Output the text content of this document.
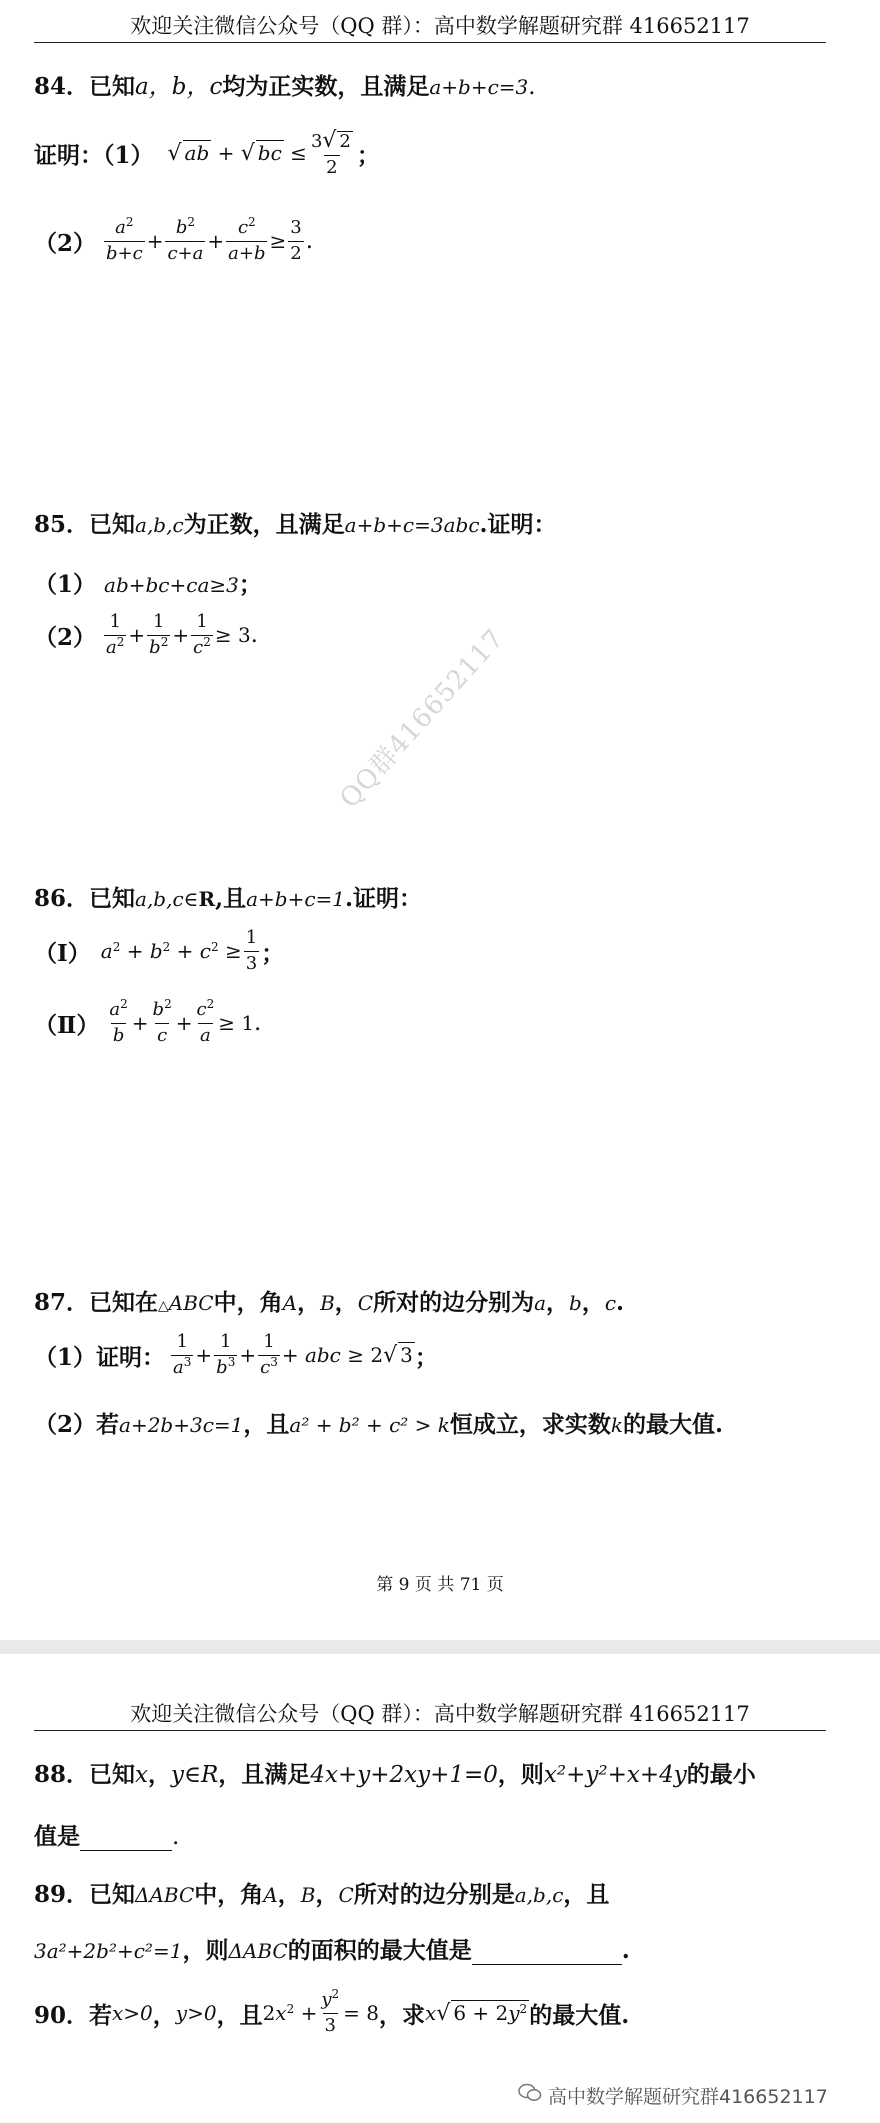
欢迎关注微信公众号（QQ 群）：高中数学解题研究群 416652117
84．已知a，b，c均为正实数，且满足a+b+c=3.
证明：（1） √ ab + √ bc ≤ $\frac{3√ 2}{2}$ ；
$(2) \frac{a^2}{b+c} + \frac{b^2}{c+a} + \frac{c^2}{a+b} \ge \frac{3}{2}$ .
85．已知a,b,c为正数，且满足a+b+c=3abc.证明：
（1） ab+bc+ca≥3；
$(2) \frac{1}{a^2} + \frac{1}{b^2} + \frac{1}{c^2} \ge 3$ .	QQ群416652117
86．已知a,b,c∈R,且a+b+c=1.证明：
（Ⅰ） $a^2 + b^2 + c^2 \ge \frac{1}{3}$ ；
（Ⅱ） $\frac{a^2}{b} + \frac{b^2}{c} + \frac{c^2}{a} \ge 1$ .
87．已知在△ABC中，角A，B，C所对的边分别为a，b，c.
（1）证明： $\frac{1}{a^3} + \frac{1}{b^3} + \frac{1}{c^3}$ + abc ≥ 2√ 3 ；
（2）若a+2b+3c=1，且a² + b² + c² > k恒成立，求实数k的最大值.
第 9 页 共 71 页
欢迎关注微信公众号（QQ 群）：高中数学解题研究群 416652117
88．已知x，y∈R，且满足4x+y+2xy+1=0，则x²+y²+x+4y的最小
值是	.
89．已知ΔABC中，角A，B，C所对的边分别是a,b,c，且
3a²+2b²+c²=1，则ΔABC的面积的最大值是	.
90． 若 x>0 ， y>0 ，且 $2x^2 + \frac{y^2}{3} = 8$ ，求 x√ $6 + 2y^2$ 的最大值.
高中数学解题研究群416652117
